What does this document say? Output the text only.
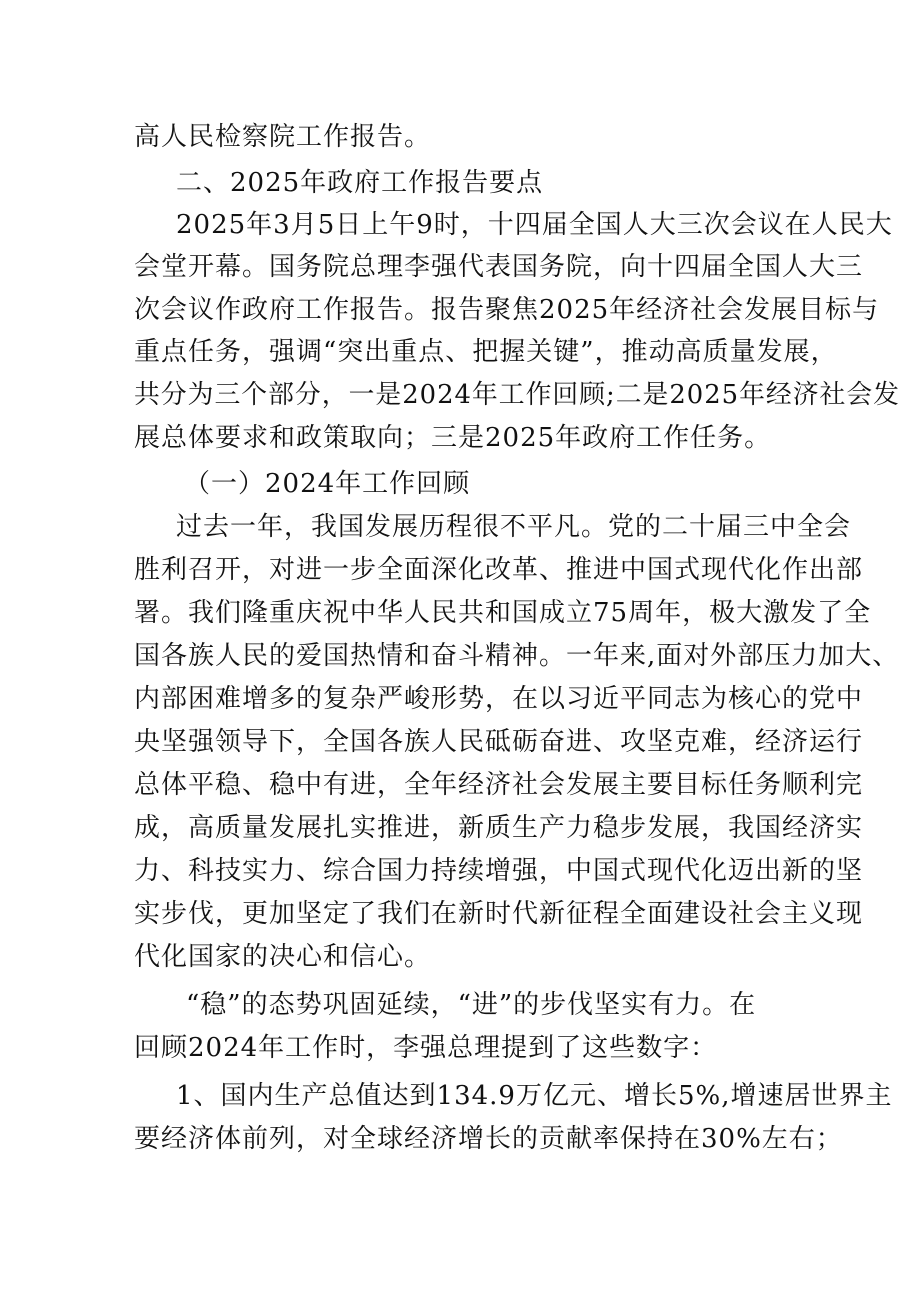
高人民检察院工作报告。

二、2025年政府工作报告要点

2025年3月5日上午9时，十四届全国人大三次会议在人民大

会堂开幕。国务院总理李强代表国务院，向十四届全国人大三

次会议作政府工作报告。报告聚焦2025年经济社会发展目标与

重点任务，强调“突出重点、把握关键”，推动高质量发展，

共分为三个部分，一是2024年工作回顾;二是2025年经济社会发

展总体要求和政策取向；三是2025年政府工作任务。

（一）2024年工作回顾

过去一年，我国发展历程很不平凡。党的二十届三中全会

胜利召开，对进一步全面深化改革、推进中国式现代化作出部

署。我们隆重庆祝中华人民共和国成立75周年，极大激发了全

国各族人民的爱国热情和奋斗精神。一年来,面对外部压力加大、

内部困难增多的复杂严峻形势，在以习近平同志为核心的党中

央坚强领导下，全国各族人民砥砺奋进、攻坚克难，经济运行

总体平稳、稳中有进，全年经济社会发展主要目标任务顺利完

成，高质量发展扎实推进，新质生产力稳步发展，我国经济实

力、科技实力、综合国力持续增强，中国式现代化迈出新的坚

实步伐，更加坚定了我们在新时代新征程全面建设社会主义现

代化国家的决心和信心。

“稳”的态势巩固延续，“进”的步伐坚实有力。在

回顾2024年工作时，李强总理提到了这些数字：

1、国内生产总值达到134.9万亿元、增长5%,增速居世界主

要经济体前列，对全球经济增长的贡献率保持在30%左右；
